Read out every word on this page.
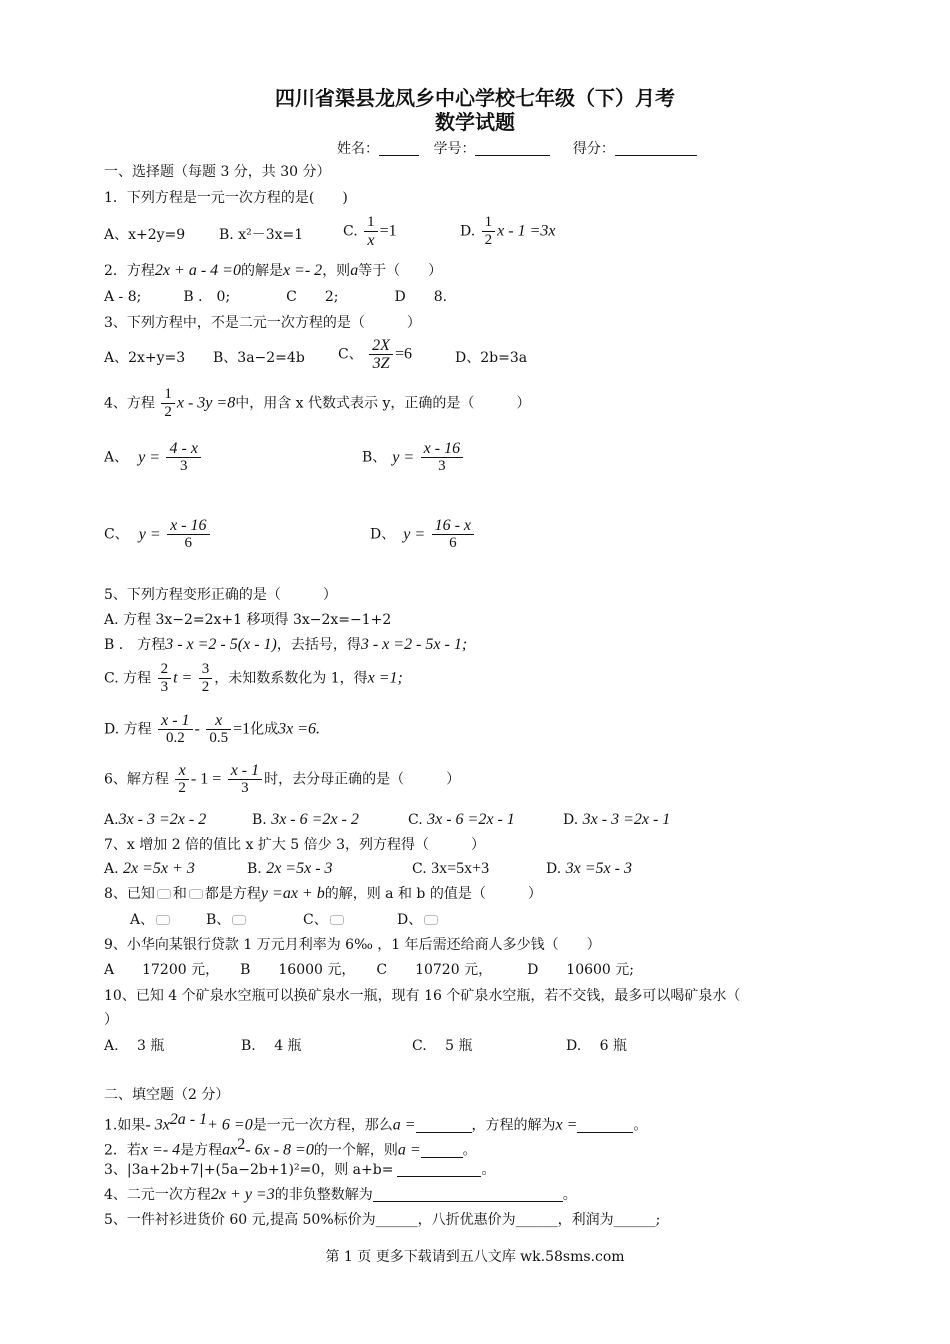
四川省渠县龙凤乡中心学校七年级（下）月考
数学试题
姓名：	学号：	得分：
一、选择题（每题 3 分，共 30 分）
1．下列方程是一元一次方程的是(　　)
A、x+2y=9 B. x²－3x=1	C. $\frac{1}{x} =1$	D. $\frac{1}{2}$ x - 1 =3x
2．方程2x + a - 4 =0的解是x =- 2，则a等于（　　）
A - 8;　　　B ． 0;　　　　C　　2;　　　　D　　8.
3、下列方程中，不是二元一次方程的是（　　　）
A、2x+y=3 B、3a−2=4b C、 $\frac{2X}{3Z} =6$	D、2b=3a
4、方程 $\frac{1}{2}$ x - 3y =8中，用含 x 代数式表示 y，正确的是（　　　）
A、 $y = \frac{4 - x}{3}$	B、 $y = \frac{x - 16}{3}$
C、 $y = \frac{x - 16}{6}$	D、 $y = \frac{16 - x}{6}$
5、下列方程变形正确的是（　　　）
A. 方程 3x−2=2x+1 移项得 3x−2x=−1+2
B ． 方程3 - x =2 - 5(x - 1)，去括号，得3 - x =2 - 5x - 1;
C. 方程 $\frac{2}{3}$ $t = \frac{3}{2}$ ，未知数系数化为 1，得x =1;
D. 方程 $\frac{x - 1}{0.2} - \frac{x}{0.5} =1$化成3x =6.
6、解方程 $\frac{x}{2} - 1 = \frac{x - 1}{3}$ 时，去分母正确的是（　　　）
A.3x - 3 =2x - 2	B. 3x - 6 =2x - 2	C. 3x - 6 =2x - 1	D. 3x - 3 =2x - 1
7、x 增加 2 倍的值比 x 扩大 5 倍少 3，列方程得（　　　）
A. 2x =5x + 3	B. 2x =5x - 3	C. 3x=5x+3	D. 3x =5x - 3
8、已知 和 都是方程y =ax + b的解，则 a 和 b 的值是（　　　）
A、	B、	C、	D、
9、小华向某银行贷款 1 万元月利率为 6‰ ，1 年后需还给商人多少钱（　　）
A　　17200 元，　　B　　16000 元，　　C　　10720 元，　　　D　　10600 元;
10、已知 4 个矿泉水空瓶可以换矿泉水一瓶，现有 16 个矿泉水空瓶，若不交钱，最多可以喝矿泉水（
）
A.　 3 瓶	B.　 4 瓶	C.　 5 瓶	D.　 6 瓶
二、填空题（2 分）
1.如果- $3x^{2a - 1}+ 6 =0$是一元一次方程，那么a =	，方程的解为x =	。
2．若x =- 4是方程$ax^2-$ 6x - 8 =0的一个解，则a =	。
3、|3a+2b+7|+(5a−2b+1)²=0，则 a+b=	。
4、二元一次方程2x + y =3的非负整数解为	。
5、一件衬衫进货价 60 元,提高 50%标价为______，八折优惠价为______，利润为______;
第 1 页 更多下载请到五八文库 wk.58sms.com
